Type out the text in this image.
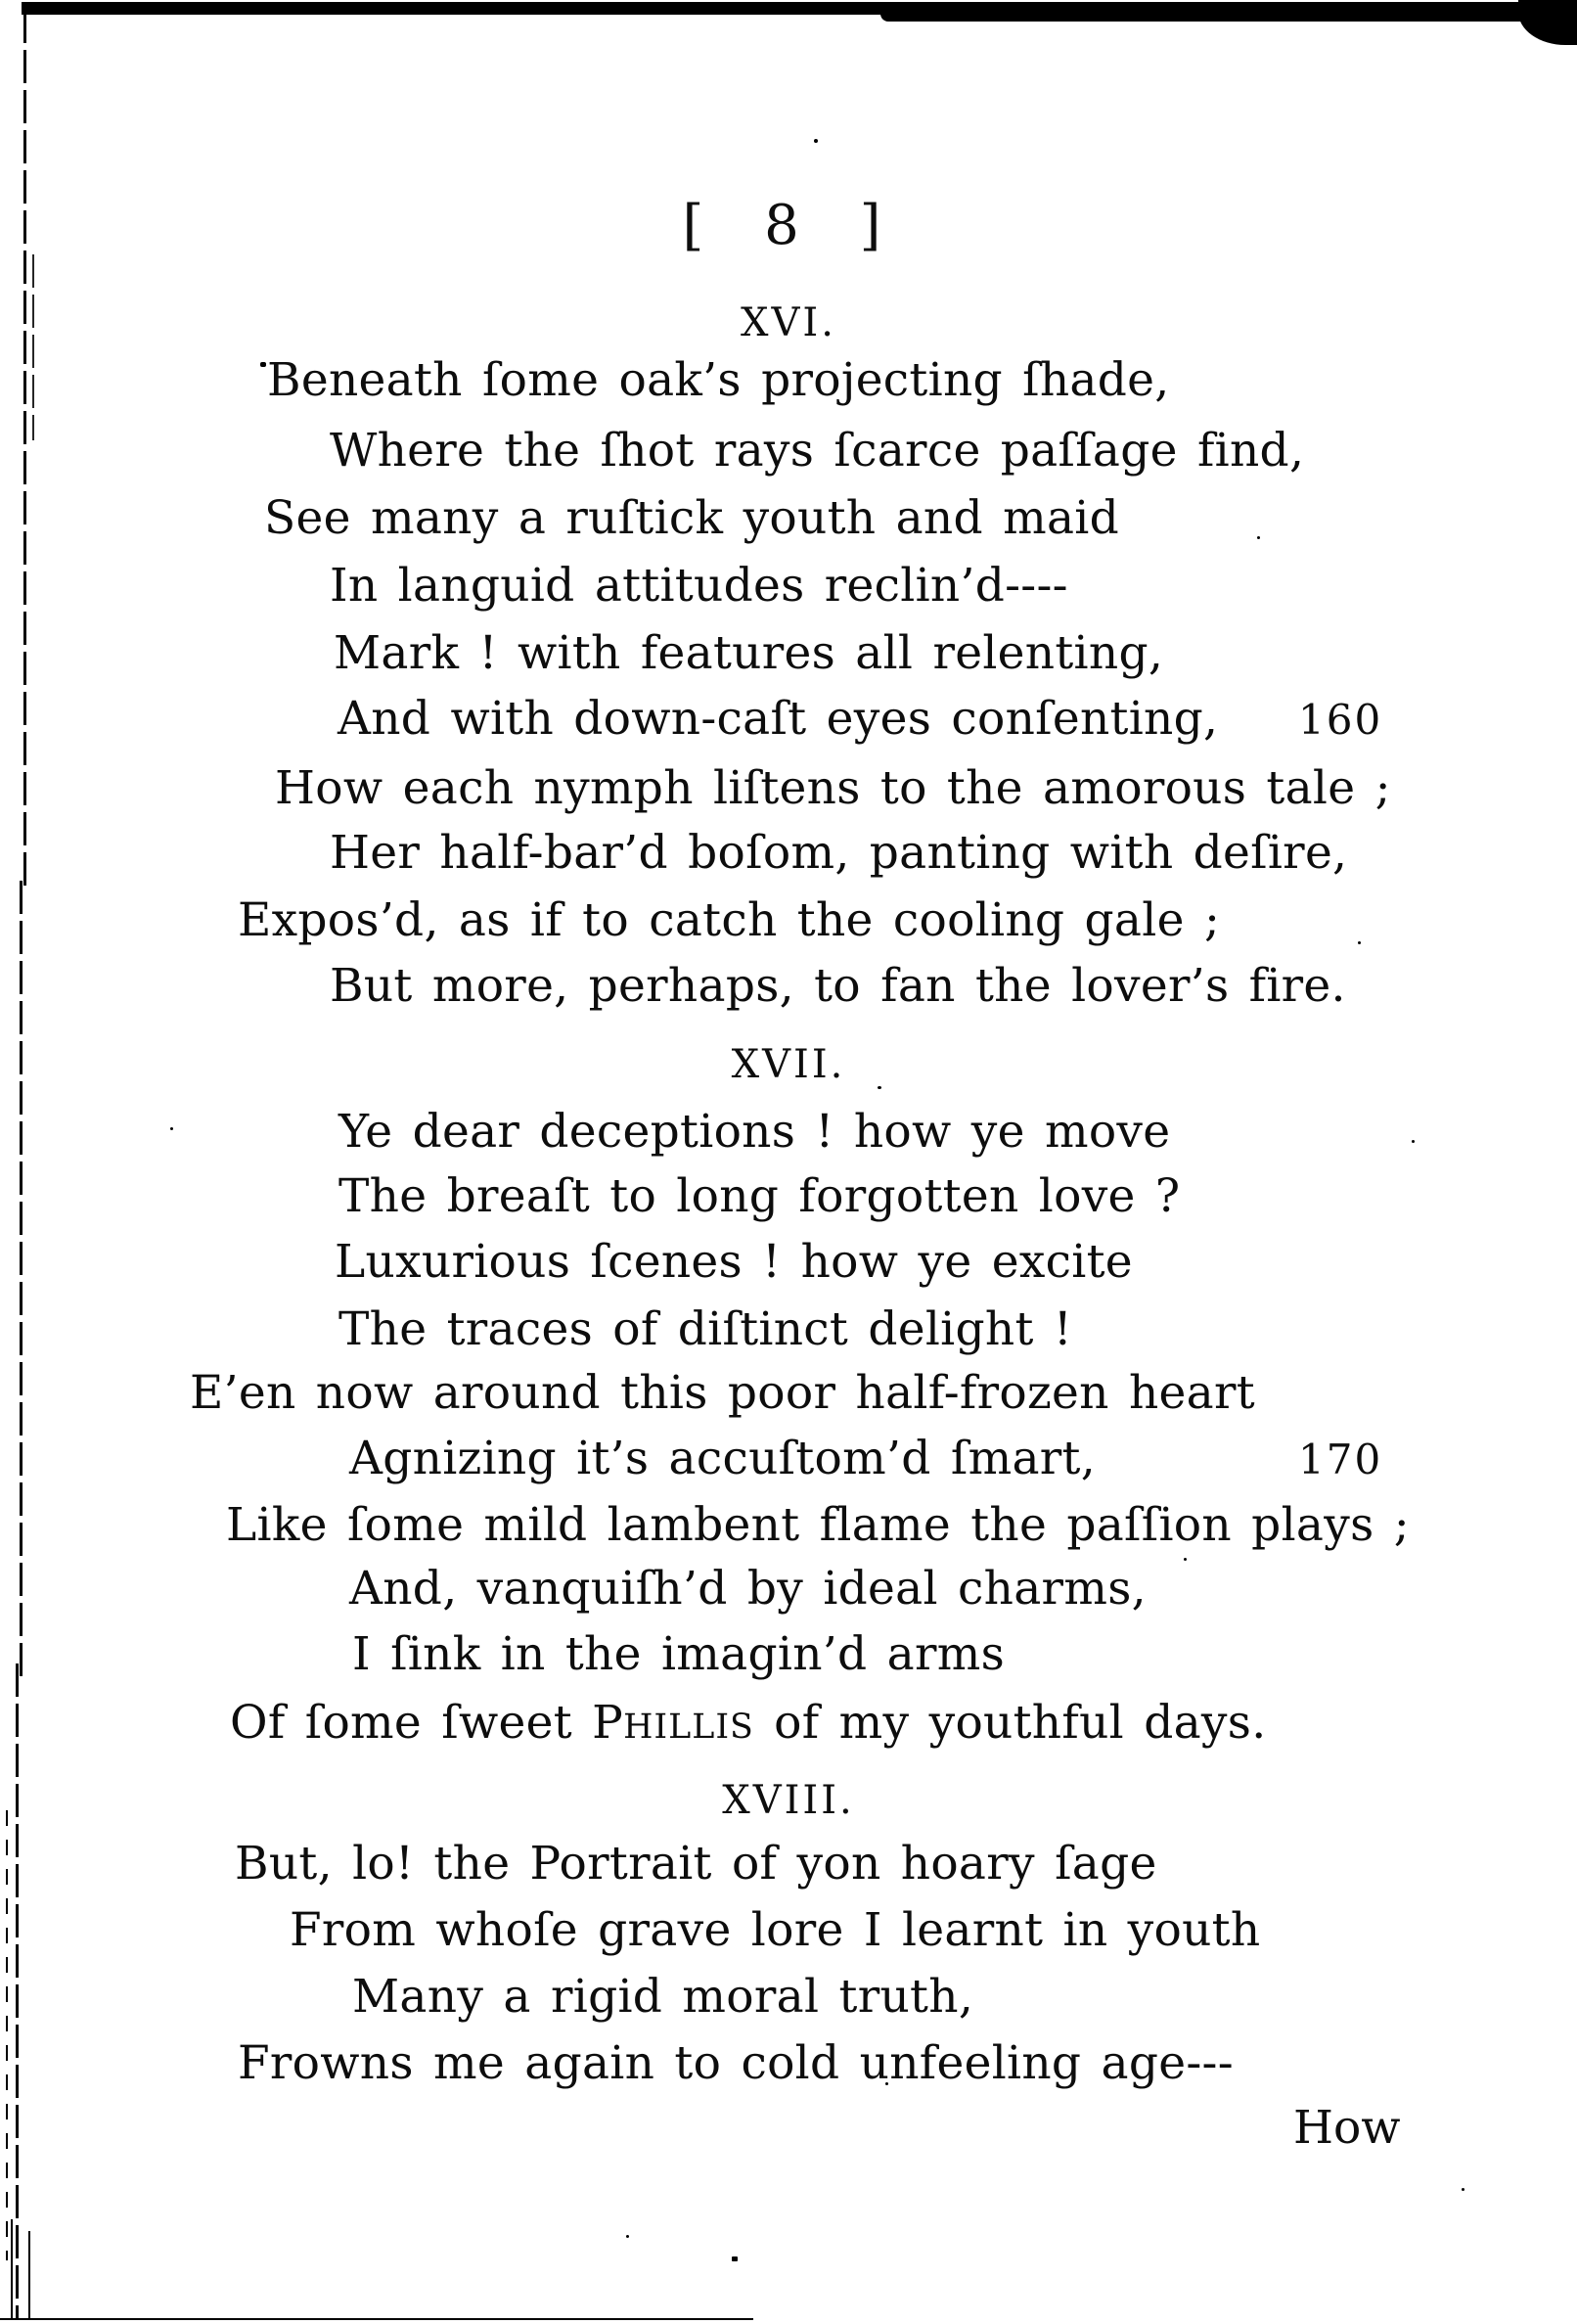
[ 8 ]
XVI.
Beneath ſome oak’s projecting ſhade,
Where the ſhot rays ſcarce paſſage find,
See many a ruſtick youth and maid
In languid attitudes reclin’d----
Mark ! with features all relenting,
And with down-caſt eyes conſenting, 160
How each nymph liſtens to the amorous tale ;
Her half-bar’d boſom, panting with deſire,
Expos’d, as if to catch the cooling gale ;
But more, perhaps, to fan the lover’s fire.
XVII.
Ye dear deceptions ! how ye move
The breaſt to long forgotten love ?
Luxurious ſcenes ! how ye excite
The traces of diſtinct delight !
E’en now around this poor half-frozen heart
Agnizing it’s accuſtom’d ſmart,	170
Like ſome mild lambent flame the paſſion plays ;
And, vanquiſh’d by ideal charms,
I ſink in the imagin’d arms
Of ſome ſweet PHILLIS of my youthful days.
XVIII.
But, lo! the Portrait of yon hoary ſage
From whoſe grave lore I learnt in youth
Many a rigid moral truth,
Frowns me again to cold unfeeling age---
How
